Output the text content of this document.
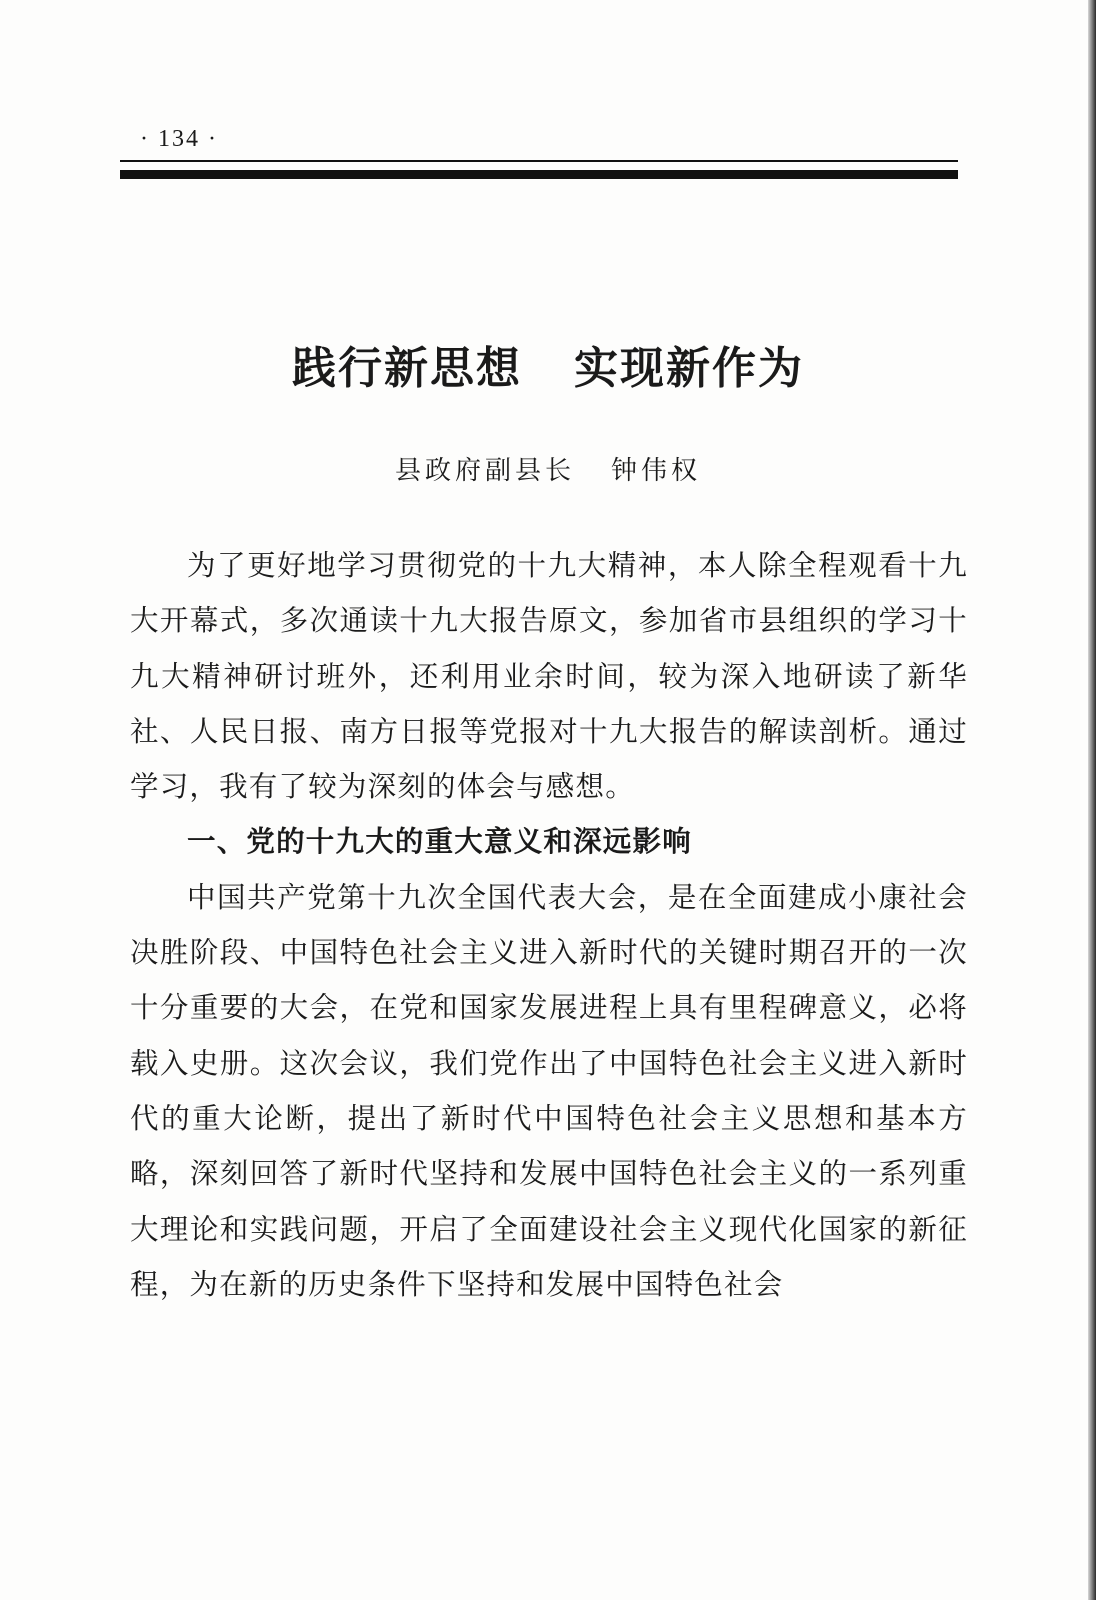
· 134 ·
践行新思想 实现新作为
县政府副县长 钟伟权

为了更好地学习贯彻党的十九大精神，本人除全程观看十九大开幕式，多次通读十九大报告原文，参加省市县组织的学习十九大精神研讨班外，还利用业余时间，较为深入地研读了新华社、人民日报、南方日报等党报对十九大报告的解读剖析。通过学习，我有了较为深刻的体会与感想。

一、党的十九大的重大意义和深远影响

中国共产党第十九次全国代表大会，是在全面建成小康社会决胜阶段、中国特色社会主义进入新时代的关键时期召开的一次十分重要的大会，在党和国家发展进程上具有里程碑意义，必将载入史册。这次会议，我们党作出了中国特色社会主义进入新时代的重大论断，提出了新时代中国特色社会主义思想和基本方略，深刻回答了新时代坚持和发展中国特色社会主义的一系列重大理论和实践问题，开启了全面建设社会主义现代化国家的新征程，为在新的历史条件下坚持和发展中国特色社会
